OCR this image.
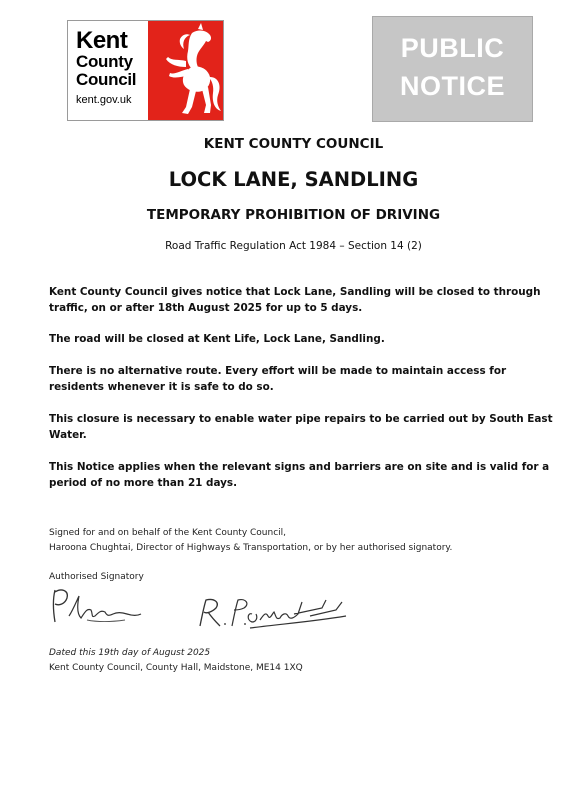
Kent
County
Council
kent.gov.uk
PUBLIC
NOTICE
KENT COUNTY COUNCIL
LOCK LANE, SANDLING
TEMPORARY PROHIBITION OF DRIVING
Road Traffic Regulation Act 1984 – Section 14 (2)

Kent County Council gives notice that Lock Lane, Sandling will be closed to through traffic, on or after 18th August 2025 for up to 5 days.

The road will be closed at Kent Life, Lock Lane, Sandling.

There is no alternative route. Every effort will be made to maintain access for residents whenever it is safe to do so.

This closure is necessary to enable water pipe repairs to be carried out by South East Water.

This Notice applies when the relevant signs and barriers are on site and is valid for a period of no more than 21 days.

Signed for and on behalf of the Kent County Council,

Haroona Chughtai, Director of Highways & Transportation, or by her authorised signatory.

Authorised Signatory

Dated this 19th day of August 2025

Kent County Council, County Hall, Maidstone, ME14 1XQ
